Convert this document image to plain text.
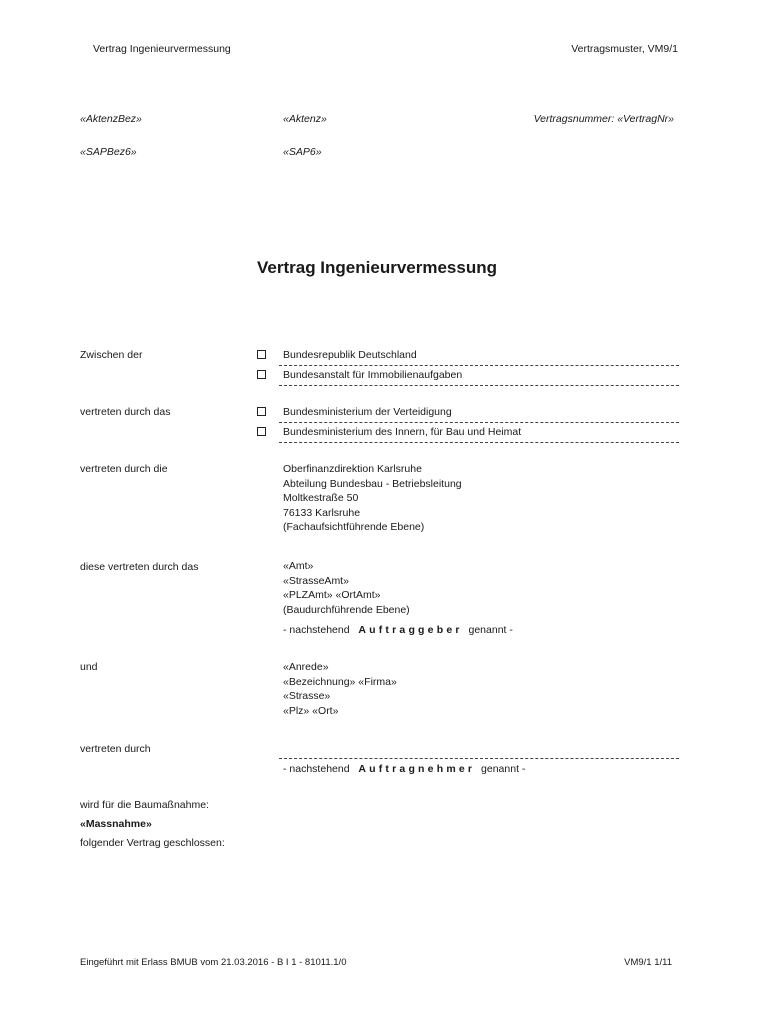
Vertrag Ingenieurvermessung	Vertragsmuster, VM9/1
«AktenzBez»	«Aktenz»	Vertragsnummer: «VertragNr»
«SAPBez6»	«SAP6»
Vertrag Ingenieurvermessung
Zwischen der	Bundesrepublik Deutschland
Bundesanstalt für Immobilienaufgaben
vertreten durch das	Bundesministerium der Verteidigung
Bundesministerium des Innern, für Bau und Heimat
vertreten durch die	Oberfinanzdirektion Karlsruhe
Abteilung Bundesbau - Betriebsleitung
Moltkestraße 50
76133 Karlsruhe
(Fachaufsichtführende Ebene)
diese vertreten durch das	«Amt»
«StrasseAmt»
«PLZAmt» «OrtAmt»
(Baudurchführende Ebene)
- nachstehend Auftraggeber genannt -
und	«Anrede»
«Bezeichnung» «Firma»
«Strasse»
«Plz» «Ort»
vertreten durch
- nachstehend Auftragnehmer genannt -
wird für die Baumaßnahme:
«Massnahme»
folgender Vertrag geschlossen:
Eingeführt mit Erlass BMUB vom 21.03.2016 - B I 1 - 81011.1/0	VM9/1 1/11
